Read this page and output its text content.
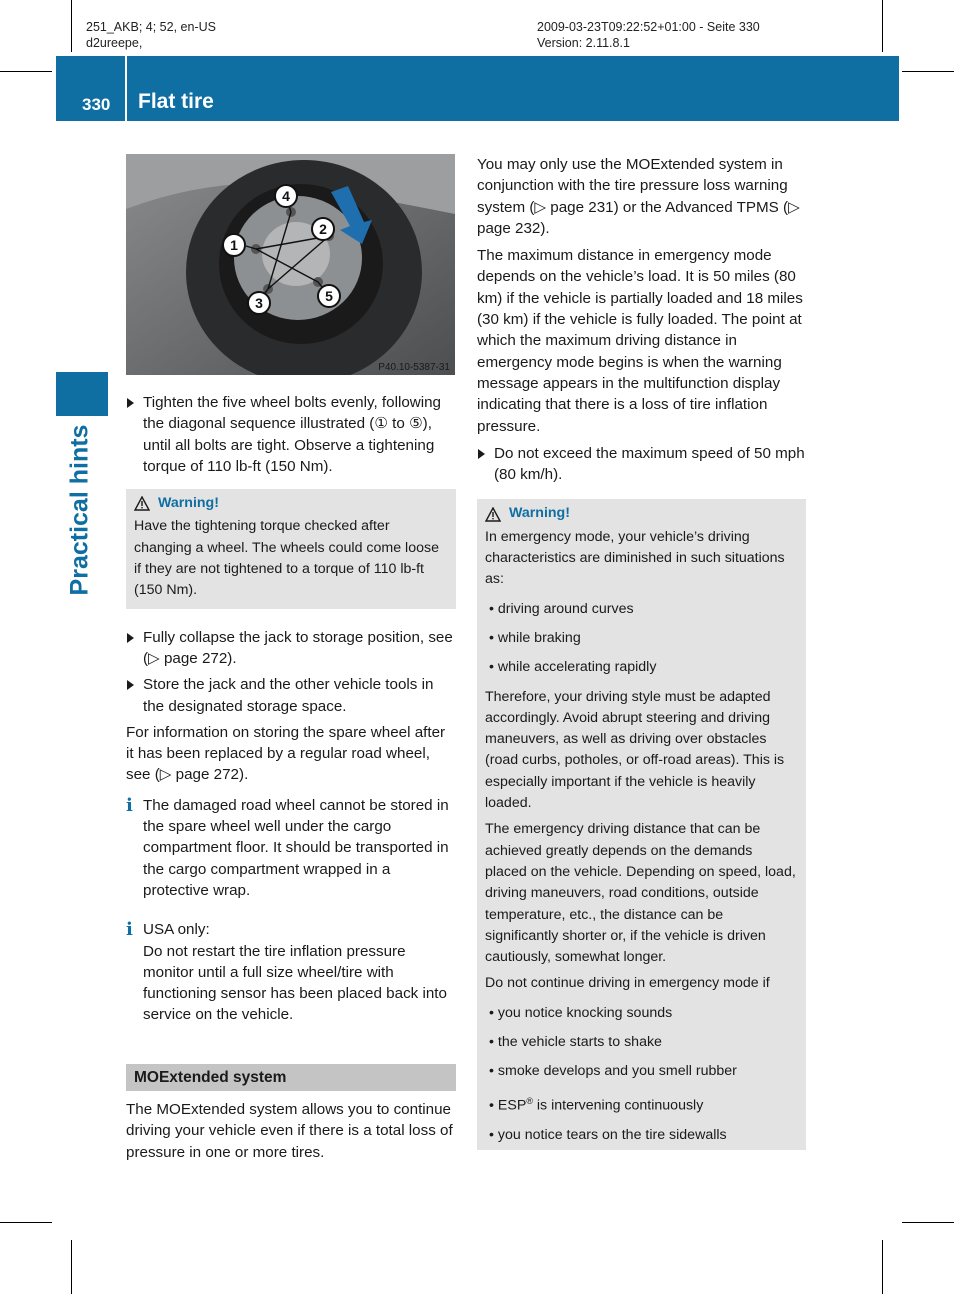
251_AKB; 4; 52, en-US
d2ureepe,
2009-03-23T09:22:52+01:00 - Seite 330
Version: 2.11.8.1
330 Flat tire
Practical hints
1
2
3
4
5
P40.10-5387-31
Tighten the five wheel bolts evenly, following the diagonal sequence illustrated (① to ⑤), until all bolts are tight. Observe a tightening torque of 110 lb-ft (150 Nm).
Warning!

Have the tightening torque checked after changing a wheel. The wheels could come loose if they are not tightened to a torque of 110 lb-ft (150 Nm).

Fully collapse the jack to storage position, see (▷ page 272).
Store the jack and the other vehicle tools in the designated storage space.

For information on storing the spare wheel after it has been replaced by a regular road wheel, see (▷ page 272).

i The damaged road wheel cannot be stored in the spare wheel well under the cargo compartment floor. It should be transported in the cargo compartment wrapped in a protective wrap.
i USA only:
Do not restart the tire inflation pressure monitor until a full size wheel/tire with functioning sensor has been placed back into service on the vehicle.
MOExtended system

The MOExtended system allows you to continue driving your vehicle even if there is a total loss of pressure in one or more tires.

You may only use the MOExtended system in conjunction with the tire pressure loss warning system (▷ page 231) or the Advanced TPMS (▷ page 232).

The maximum distance in emergency mode depends on the vehicle’s load. It is 50 miles (80 km) if the vehicle is partially loaded and 18 miles (30 km) if the vehicle is fully loaded. The point at which the maximum driving distance in emergency mode begins is when the warning message appears in the multifunction display indicating that there is a loss of tire inflation pressure.

Do not exceed the maximum speed of 50 mph (80 km/h).
Warning!

In emergency mode, your vehicle’s driving characteristics are diminished in such situations as:

• driving around curves
• while braking
• while accelerating rapidly

Therefore, your driving style must be adapted accordingly. Avoid abrupt steering and driving maneuvers, as well as driving over obstacles (road curbs, potholes, or off-road areas). This is especially important if the vehicle is heavily loaded.

The emergency driving distance that can be achieved greatly depends on the demands placed on the vehicle. Depending on speed, load, driving maneuvers, road conditions, outside temperature, etc., the distance can be significantly shorter or, if the vehicle is driven cautiously, somewhat longer.

Do not continue driving in emergency mode if

• you notice knocking sounds
• the vehicle starts to shake
• smoke develops and you smell rubber
• ESP® is intervening continuously
• you notice tears on the tire sidewalls
